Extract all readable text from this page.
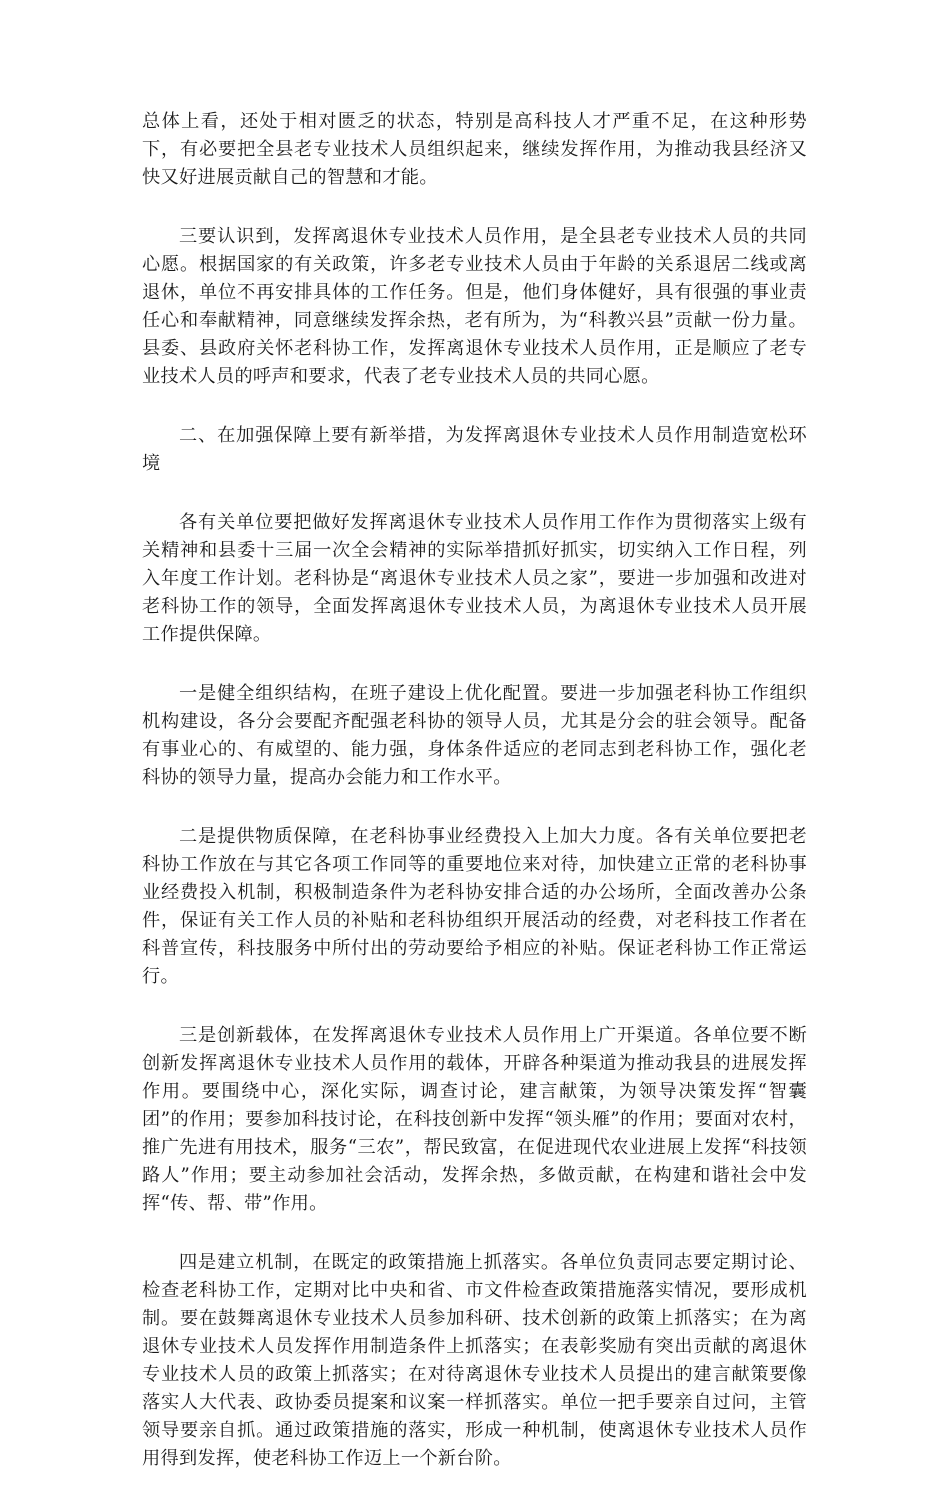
总体上看，还处于相对匮乏的状态，特别是高科技人才严重不足，在这种形势下，有必要把全县老专业技术人员组织起来，继续发挥作用，为推动我县经济又快又好进展贡献自己的智慧和才能。

三要认识到，发挥离退休专业技术人员作用，是全县老专业技术人员的共同心愿。根据国家的有关政策，许多老专业技术人员由于年龄的关系退居二线或离退休，单位不再安排具体的工作任务。但是，他们身体健好，具有很强的事业责任心和奉献精神，同意继续发挥余热，老有所为，为“科教兴县”贡献一份力量。县委、县政府关怀老科协工作，发挥离退休专业技术人员作用，正是顺应了老专业技术人员的呼声和要求，代表了老专业技术人员的共同心愿。

二、在加强保障上要有新举措，为发挥离退休专业技术人员作用制造宽松环境

各有关单位要把做好发挥离退休专业技术人员作用工作作为贯彻落实上级有关精神和县委十三届一次全会精神的实际举措抓好抓实，切实纳入工作日程，列入年度工作计划。老科协是“离退休专业技术人员之家”，要进一步加强和改进对老科协工作的领导，全面发挥离退休专业技术人员，为离退休专业技术人员开展工作提供保障。

一是健全组织结构，在班子建设上优化配置。要进一步加强老科协工作组织机构建设，各分会要配齐配强老科协的领导人员，尤其是分会的驻会领导。配备有事业心的、有威望的、能力强，身体条件适应的老同志到老科协工作，强化老科协的领导力量，提高办会能力和工作水平。

二是提供物质保障，在老科协事业经费投入上加大力度。各有关单位要把老科协工作放在与其它各项工作同等的重要地位来对待，加快建立正常的老科协事业经费投入机制，积极制造条件为老科协安排合适的办公场所，全面改善办公条件，保证有关工作人员的补贴和老科协组织开展活动的经费，对老科技工作者在科普宣传，科技服务中所付出的劳动要给予相应的补贴。保证老科协工作正常运行。

三是创新载体，在发挥离退休专业技术人员作用上广开渠道。各单位要不断创新发挥离退休专业技术人员作用的载体，开辟各种渠道为推动我县的进展发挥作用。要围绕中心，深化实际，调查讨论，建言献策，为领导决策发挥“智囊团”的作用；要参加科技讨论，在科技创新中发挥“领头雁”的作用；要面对农村，推广先进有用技术，服务“三农”，帮民致富，在促进现代农业进展上发挥“科技领路人”作用；要主动参加社会活动，发挥余热，多做贡献，在构建和谐社会中发挥“传、帮、带”作用。

四是建立机制，在既定的政策措施上抓落实。各单位负责同志要定期讨论、检查老科协工作，定期对比中央和省、市文件检查政策措施落实情况，要形成机制。要在鼓舞离退休专业技术人员参加科研、技术创新的政策上抓落实；在为离退休专业技术人员发挥作用制造条件上抓落实；在表彰奖励有突出贡献的离退休专业技术人员的政策上抓落实；在对待离退休专业技术人员提出的建言献策要像落实人大代表、政协委员提案和议案一样抓落实。单位一把手要亲自过问，主管领导要亲自抓。通过政策措施的落实，形成一种机制，使离退休专业技术人员作用得到发挥，使老科协工作迈上一个新台阶。
